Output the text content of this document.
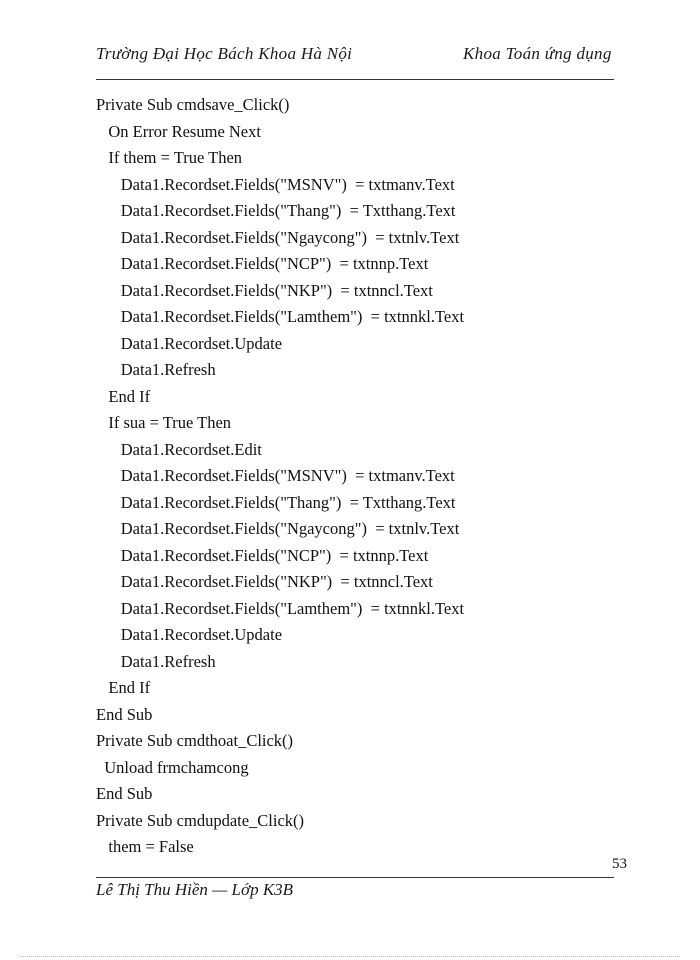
Trường Đại Học Bách Khoa Hà Nội	Khoa Toán ứng dụng
Private Sub cmdsave_Click()
On Error Resume Next
If them = True Then
Data1.Recordset.Fields("MSNV")  = txtmanv.Text
Data1.Recordset.Fields("Thang")  = Txtthang.Text
Data1.Recordset.Fields("Ngaycong")  = txtnlv.Text
Data1.Recordset.Fields("NCP")  = txtnnp.Text
Data1.Recordset.Fields("NKP")  = txtnncl.Text
Data1.Recordset.Fields("Lamthem")  = txtnnkl.Text
Data1.Recordset.Update
Data1.Refresh
End If
If sua = True Then
Data1.Recordset.Edit
Data1.Recordset.Fields("MSNV")  = txtmanv.Text
Data1.Recordset.Fields("Thang")  = Txtthang.Text
Data1.Recordset.Fields("Ngaycong")  = txtnlv.Text
Data1.Recordset.Fields("NCP")  = txtnnp.Text
Data1.Recordset.Fields("NKP")  = txtnncl.Text
Data1.Recordset.Fields("Lamthem")  = txtnnkl.Text
Data1.Recordset.Update
Data1.Refresh
End If
End Sub
Private Sub cmdthoat_Click()
Unload frmchamcong
End Sub
Private Sub cmdupdate_Click()
them = False
53
Lê Thị Thu Hiền — Lớp K3B
